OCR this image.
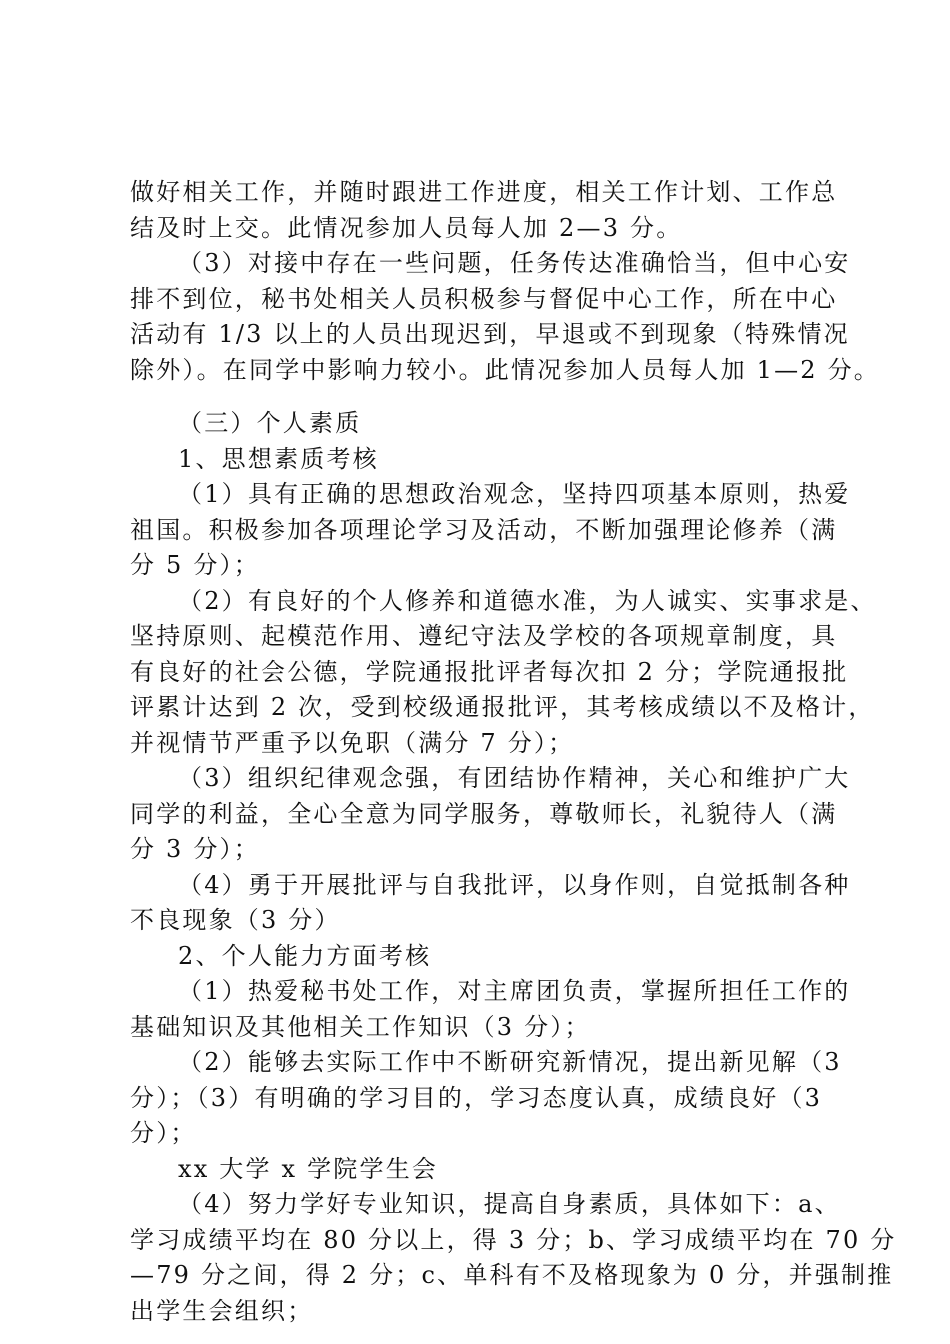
做好相关工作，并随时跟进工作进度，相关工作计划、工作总
结及时上交。此情况参加人员每人加 2—3 分。
（3）对接中存在一些问题，任务传达准确恰当，但中心安
排不到位，秘书处相关人员积极参与督促中心工作，所在中心
活动有 1/3 以上的人员出现迟到，早退或不到现象（特殊情况
除外）。在同学中影响力较小。此情况参加人员每人加 1—2 分。
（三）个人素质
1、思想素质考核
（1）具有正确的思想政治观念，坚持四项基本原则，热爱
祖国。积极参加各项理论学习及活动，不断加强理论修养（满
分 5 分）；
（2）有良好的个人修养和道德水准，为人诚实、实事求是、
坚持原则、起模范作用、遵纪守法及学校的各项规章制度，具
有良好的社会公德，学院通报批评者每次扣 2 分；学院通报批
评累计达到 2 次，受到校级通报批评，其考核成绩以不及格计，
并视情节严重予以免职（满分 7 分）；
（3）组织纪律观念强，有团结协作精神，关心和维护广大
同学的利益，全心全意为同学服务，尊敬师长，礼貌待人（满
分 3 分）；
（4）勇于开展批评与自我批评，以身作则，自觉抵制各种
不良现象（3 分）
2、个人能力方面考核
（1）热爱秘书处工作，对主席团负责，掌握所担任工作的
基础知识及其他相关工作知识（3 分）；
（2）能够去实际工作中不断研究新情况，提出新见解（3
分）；（3）有明确的学习目的，学习态度认真，成绩良好（3
分）；
xx 大学 x 学院学生会
（4）努力学好专业知识，提高自身素质，具体如下：a、
学习成绩平均在 80 分以上，得 3 分；b、学习成绩平均在 70 分
—79 分之间，得 2 分；c、单科有不及格现象为 0 分，并强制推
出学生会组织；
